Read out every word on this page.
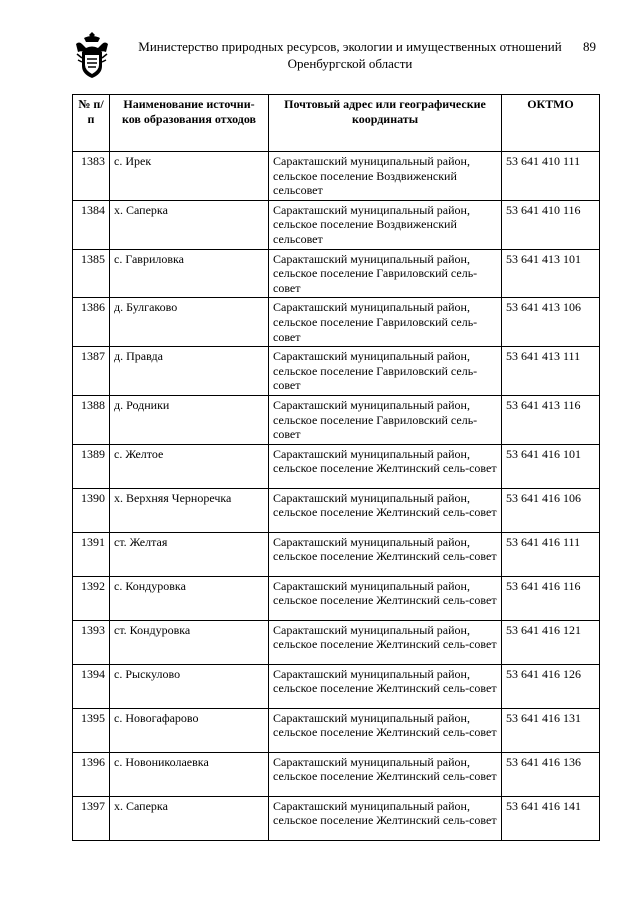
Министерство природных ресурсов, экологии и имущественных отношений
Оренбургской области
89
№ п/п	Наименование источни-ков образования отходов	Почтовый адрес или географические координаты	ОКТМО
1383	с. Ирек	Саракташский муниципальный район, сельское поселение Воздвиженский сельсовет	53 641 410 111
1384	х. Саперка	Саракташский муниципальный район, сельское поселение Воздвиженский сельсовет	53 641 410 116
1385	с. Гавриловка	Саракташский муниципальный район, сельское поселение Гавриловский сель-совет	53 641 413 101
1386	д. Булгаково	Саракташский муниципальный район, сельское поселение Гавриловский сель-совет	53 641 413 106
1387	д. Правда	Саракташский муниципальный район, сельское поселение Гавриловский сель-совет	53 641 413 111
1388	д. Родники	Саракташский муниципальный район, сельское поселение Гавриловский сель-совет	53 641 413 116
1389	с. Желтое	Саракташский муниципальный район, сельское поселение Желтинский сель-совет	53 641 416 101
1390	х. Верхняя Черноречка	Саракташский муниципальный район, сельское поселение Желтинский сель-совет	53 641 416 106
1391	ст. Желтая	Саракташский муниципальный район, сельское поселение Желтинский сель-совет	53 641 416 111
1392	с. Кондуровка	Саракташский муниципальный район, сельское поселение Желтинский сель-совет	53 641 416 116
1393	ст. Кондуровка	Саракташский муниципальный район, сельское поселение Желтинский сель-совет	53 641 416 121
1394	с. Рыскулово	Саракташский муниципальный район, сельское поселение Желтинский сель-совет	53 641 416 126
1395	с. Новогафарово	Саракташский муниципальный район, сельское поселение Желтинский сель-совет	53 641 416 131
1396	с. Новониколаевка	Саракташский муниципальный район, сельское поселение Желтинский сель-совет	53 641 416 136
1397	х. Саперка	Саракташский муниципальный район, сельское поселение Желтинский сель-совет	53 641 416 141
